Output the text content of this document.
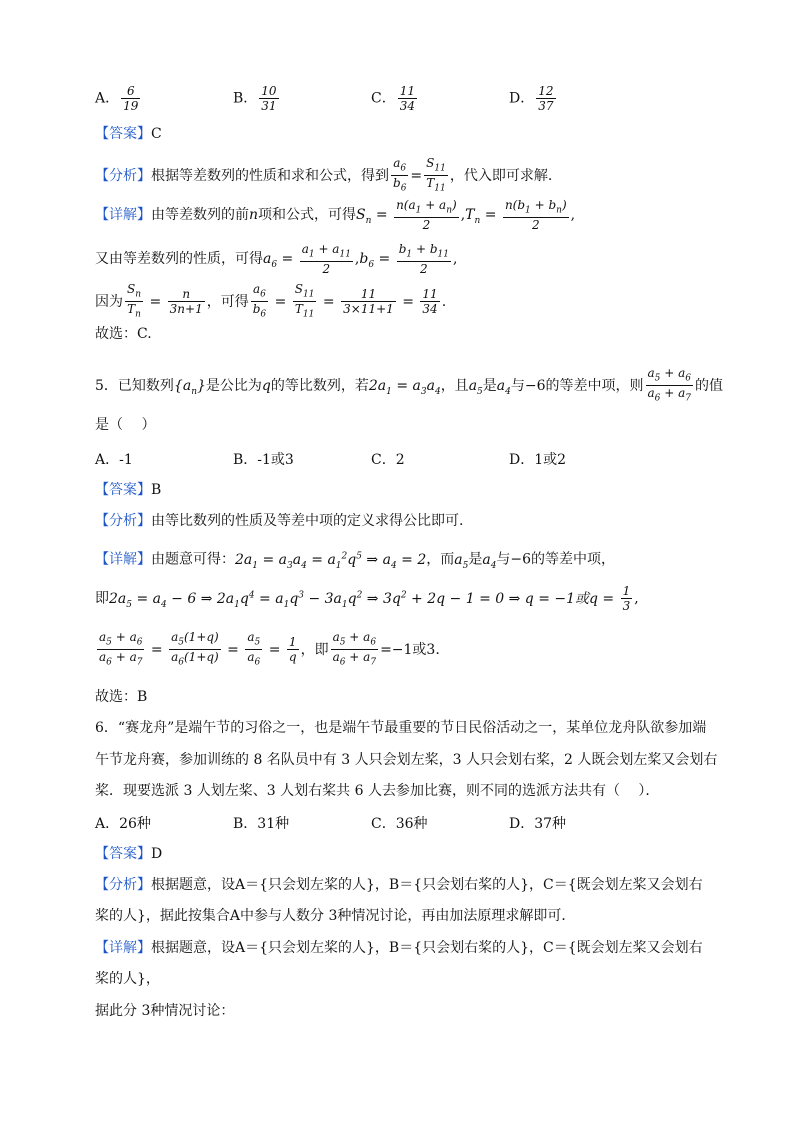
A． $\frac{6}{19}$	B． $\frac{10}{31}$	C． $\frac{11}{34}$	D． $\frac{12}{37}$
【答案】C
【分析】根据等差数列的性质和求和公式，得到 $\frac{a_6}{b_6} = \frac{S_{11}}{T_{11}}$ ，代入即可求解.
【详解】由等差数列的前n项和公式，可得$S_n = \frac{n(a_1 + a_n)}{2} ,T_n = \frac{n(b_1 + b_n)}{2}$ ,
又由等差数列的性质，可得$a_6 = \frac{a_1 + a_{11}}{2} ,b_6 = \frac{b_1 + b_{11}}{2}$ ,
因为 $\frac{S_n}{T_n} = \frac{n}{3n+1}$ ，可得 $\frac{a_6}{b_6} = \frac{S_{11}}{T_{11}} = \frac{11}{3\times 11+1} = \frac{11}{34}$ .
故选：C.
5．已知数列$\{a_n\}$是公比为q的等比数列，若$2a_1 = a_3a_4$，且$a_5$是$a_4$与−6的等差中项，则 $\frac{a_5 + a_6}{a_6 + a_7}$ 的值
是（　 ）
A．-1	B．-1或3	C．2	D．1或2
【答案】B
【分析】由等比数列的性质及等差中项的定义求得公比即可.
【详解】由题意可得：$2a_1 = a_3a_4 = a_1^2q^5$ ⇒ $a_4 = 2$，而$a_5$是$a_4$与−6的等差中项，
即$2a_5 = a_4 - 6$ ⇒ $2a_1q^4 = a_1q^3 - 3a_1q^2$ ⇒ $3q^2 + 2q - 1 = 0$ ⇒ q = −1或$q = \frac{1}{3}$ ,
$\frac{a_5 + a_6}{a_6 + a_7} = \frac{a_5(1+q)}{a_6(1+q)} = \frac{a_5}{a_6} = \frac{1}{q}$ ，即 $\frac{a_5 + a_6}{a_6 + a_7} =-1$或3.
故选：B
6．“赛龙舟”是端午节的习俗之一，也是端午节最重要的节日民俗活动之一，某单位龙舟队欲参加端
午节龙舟赛，参加训练的 8 名队员中有 3 人只会划左桨，3 人只会划右桨，2 人既会划左桨又会划右
桨．现要选派 3 人划左桨、3 人划右桨共 6 人去参加比赛，则不同的选派方法共有（　 ）．
A．26种	B．31种	C．36种	D．37种
【答案】D
【分析】根据题意，设A＝{只会划左桨的人}，B＝{只会划右桨的人}，C＝{既会划左桨又会划右
桨的人}，据此按集合A中参与人数分 3种情况讨论，再由加法原理求解即可．
【详解】根据题意，设A＝{只会划左桨的人}，B＝{只会划右桨的人}，C＝{既会划左桨又会划右
桨的人}，
据此分 3种情况讨论：
